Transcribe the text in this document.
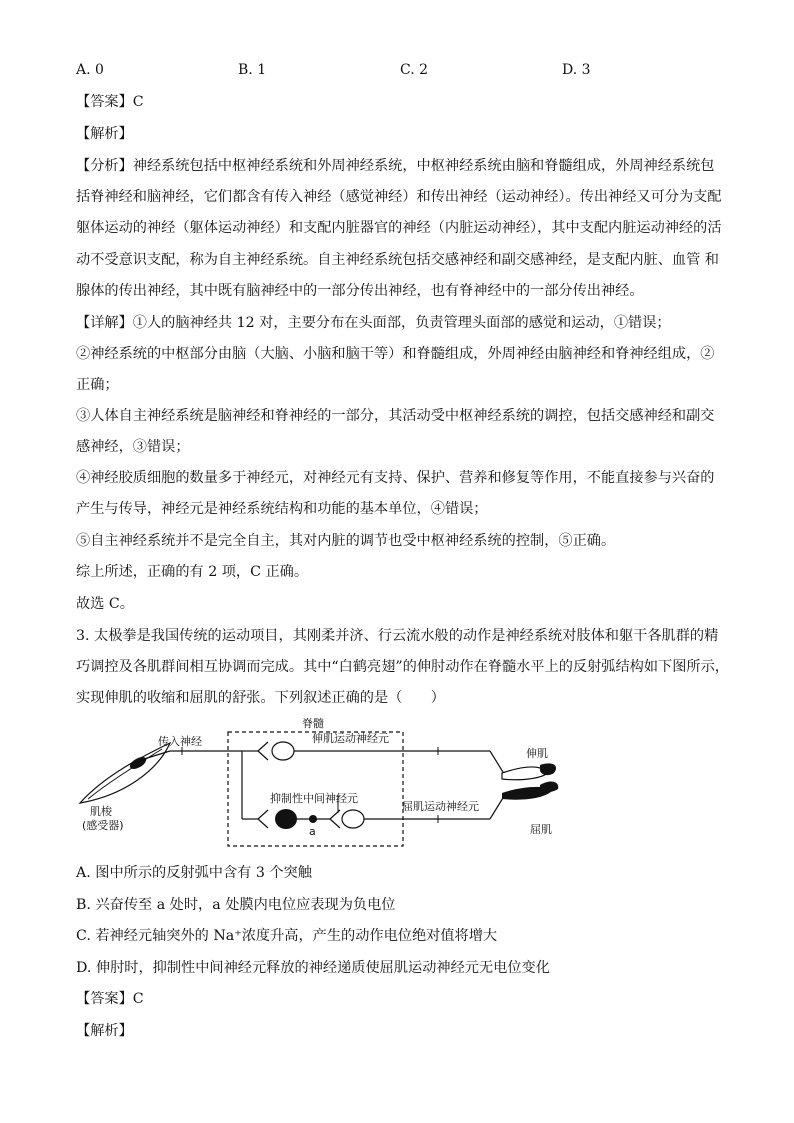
A. 0	B. 1	C. 2	D. 3
【答案】C
【解析】
【分析】神经系统包括中枢神经系统和外周神经系统，中枢神经系统由脑和脊髓组成，外周神经系统包
括脊神经和脑神经，它们都含有传入神经（感觉神经）和传出神经（运动神经）。传出神经又可分为支配
躯体运动的神经（躯体运动神经）和支配内脏器官的神经（内脏运动神经），其中支配内脏运动神经的活
动不受意识支配，称为自主神经系统。自主神经系统包括交感神经和副交感神经，是支配内脏、血管 和
腺体的传出神经，其中既有脑神经中的一部分传出神经，也有脊神经中的一部分传出神经。
【详解】①人的脑神经共 12 对，主要分布在头面部，负责管理头面部的感觉和运动，①错误；
②神经系统的中枢部分由脑（大脑、小脑和脑干等）和脊髓组成，外周神经由脑神经和脊神经组成，②
正确；
③人体自主神经系统是脑神经和脊神经的一部分，其活动受中枢神经系统的调控，包括交感神经和副交
感神经，③错误；
④神经胶质细胞的数量多于神经元，对神经元有支持、保护、营养和修复等作用，不能直接参与兴奋的
产生与传导，神经元是神经系统结构和功能的基本单位，④错误；
⑤自主神经系统并不是完全自主，其对内脏的调节也受中枢神经系统的控制，⑤正确。
综上所述，正确的有 2 项，C 正确。
故选 C。
3. 太极拳是我国传统的运动项目，其刚柔并济、行云流水般的动作是神经系统对肢体和躯干各肌群的精
巧调控及各肌群间相互协调而完成。其中“白鹤亮翅”的伸肘动作在脊髓水平上的反射弧结构如下图所示，
实现伸肌的收缩和屈肌的舒张。下列叙述正确的是（　　）
脊髓
肌梭
(感受器)
传入神经	伸肌运动神经元
a
抑制性中间神经元
屈肌运动神经元
伸肌
屈肌
A. 图中所示的反射弧中含有 3 个突触
B. 兴奋传至 a 处时，a 处膜内电位应表现为负电位
C. 若神经元轴突外的 Na⁺浓度升高，产生的动作电位绝对值将增大
D. 伸肘时，抑制性中间神经元释放的神经递质使屈肌运动神经元无电位变化
【答案】C
【解析】
